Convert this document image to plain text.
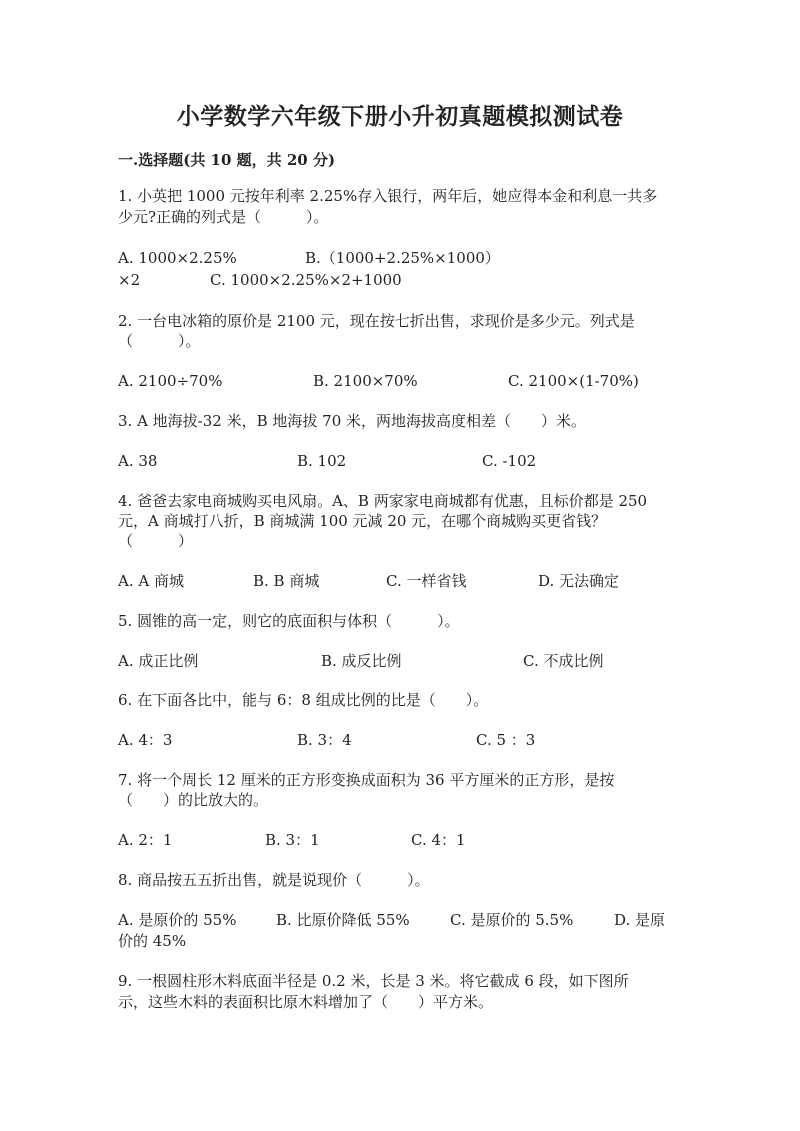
小学数学六年级下册小升初真题模拟测试卷
一.选择题(共 10 题，共 20 分)
1. 小英把 1000 元按年利率 2.25%存入银行，两年后，她应得本金和利息一共多
少元?正确的列式是（　　　）。
A. 1000×2.25%	B.（1000+2.25%×1000）
×2	C. 1000×2.25%×2+1000
2. 一台电冰箱的原价是 2100 元，现在按七折出售，求现价是多少元。列式是
（　　　）。
A. 2100÷70%	B. 2100×70%	C. 2100×(1-70%)
3. A 地海拔-32 米，B 地海拔 70 米，两地海拔高度相差（　　）米。
A. 38	B. 102	C. -102
4. 爸爸去家电商城购买电风扇。A、B 两家家电商城都有优惠，且标价都是 250
元，A 商城打八折，B 商城满 100 元减 20 元，在哪个商城购买更省钱？
（　　　）
A. A 商城	B. B 商城	C. 一样省钱	D. 无法确定
5. 圆锥的高一定，则它的底面积与体积（　　　）。
A. 成正比例	B. 成反比例	C. 不成比例
6. 在下面各比中，能与 6：8 组成比例的比是（　　）。
A. 4：3	B. 3：4	C. 5 ：3
7. 将一个周长 12 厘米的正方形变换成面积为 36 平方厘米的正方形，是按
（　　）的比放大的。
A. 2：1	B. 3：1	C. 4：1
8. 商品按五五折出售，就是说现价（　　　）。
A. 是原价的 55%	B. 比原价降低 55%	C. 是原价的 5.5%	D. 是原
价的 45%
9. 一根圆柱形木料底面半径是 0.2 米，长是 3 米。将它截成 6 段，如下图所
示，这些木料的表面积比原木料增加了（　　）平方米。
